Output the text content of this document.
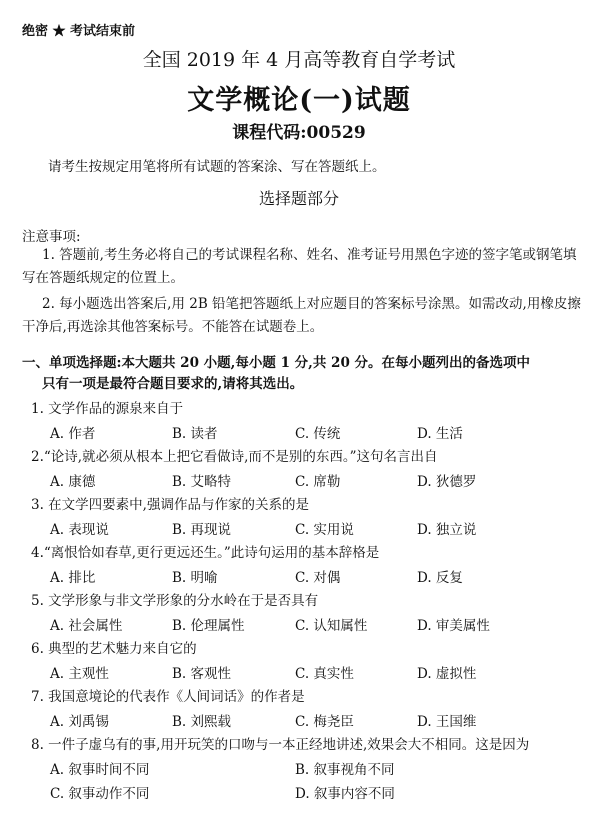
绝密 ★ 考试结束前
全国 2019 年 4 月高等教育自学考试
文学概论(一)试题
课程代码:00529
请考生按规定用笔将所有试题的答案涂、写在答题纸上。
选择题部分
注意事项:
1. 答题前,考生务必将自己的考试课程名称、姓名、准考证号用黑色字迹的签字笔或钢笔填写在答题纸规定的位置上。
2. 每小题选出答案后,用 2B 铅笔把答题纸上对应题目的答案标号涂黑。如需改动,用橡皮擦干净后,再选涂其他答案标号。不能答在试题卷上。
一、单项选择题:本大题共 20 小题,每小题 1 分,共 20 分。在每小题列出的备选项中
只有一项是最符合题目要求的,请将其选出。
1. 文学作品的源泉来自于
A. 作者	B. 读者	C. 传统	D. 生活
2.“论诗,就必须从根本上把它看做诗,而不是别的东西。”这句名言出自
A. 康德	B. 艾略特	C. 席勒	D. 狄德罗
3. 在文学四要素中,强调作品与作家的关系的是
A. 表现说	B. 再现说	C. 实用说	D. 独立说
4.“离恨恰如春草,更行更远还生。”此诗句运用的基本辞格是
A. 排比	B. 明喻	C. 对偶	D. 反复
5. 文学形象与非文学形象的分水岭在于是否具有
A. 社会属性	B. 伦理属性	C. 认知属性	D. 审美属性
6. 典型的艺术魅力来自它的
A. 主观性	B. 客观性	C. 真实性	D. 虚拟性
7. 我国意境论的代表作《人间词话》的作者是
A. 刘禹锡	B. 刘熙载	C. 梅尧臣	D. 王国维
8. 一件子虚乌有的事,用开玩笑的口吻与一本正经地讲述,效果会大不相同。这是因为
A. 叙事时间不同	B. 叙事视角不同
C. 叙事动作不同	D. 叙事内容不同
